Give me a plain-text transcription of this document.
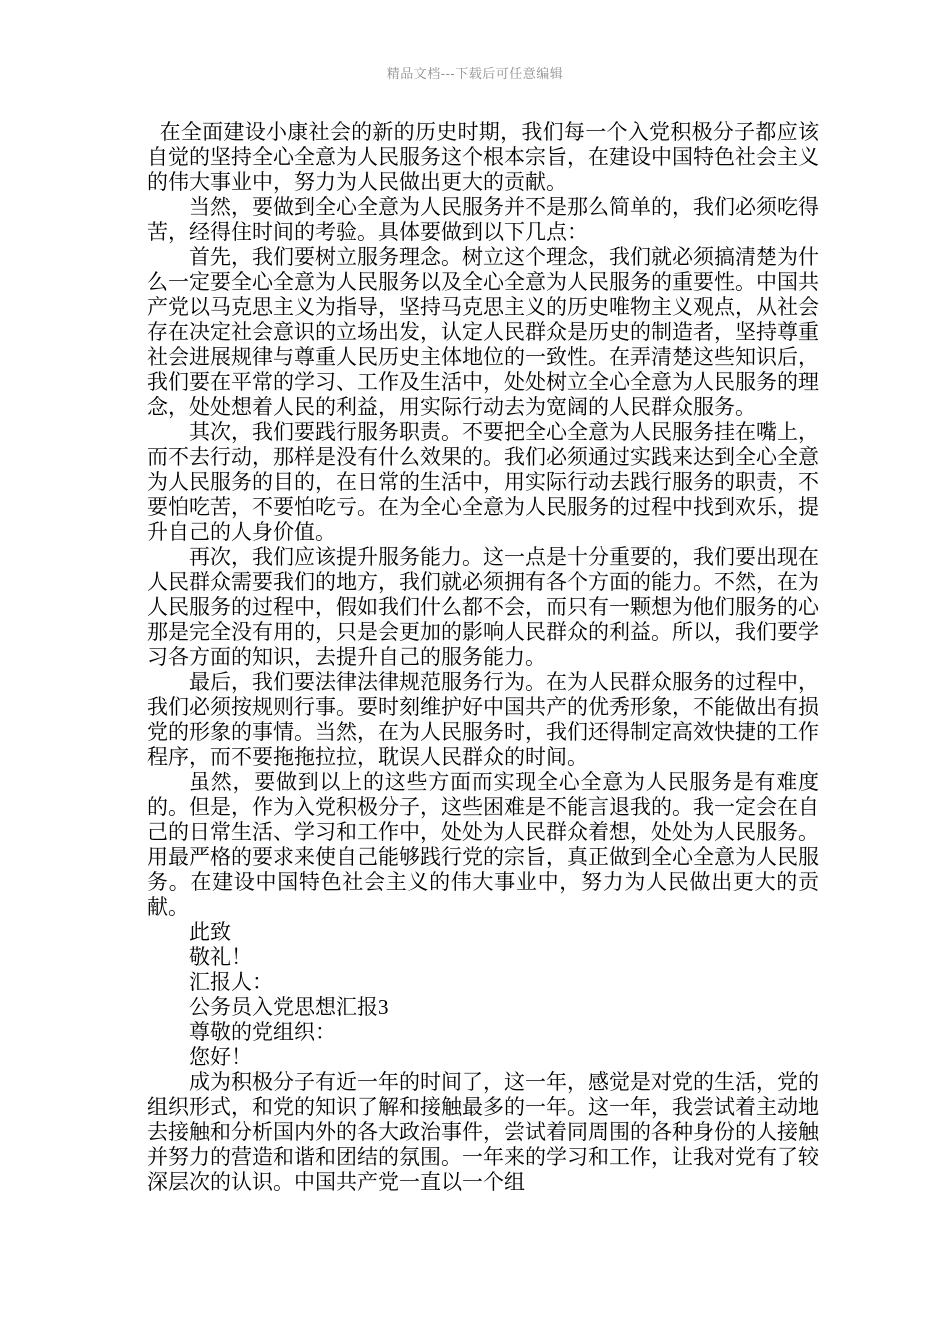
精品文档---下载后可任意编辑

在全面建设小康社会的新的历史时期，我们每一个入党积极分子都应该自觉的坚持全心全意为人民服务这个根本宗旨，在建设中国特色社会主义的伟大事业中，努力为人民做出更大的贡献。

当然，要做到全心全意为人民服务并不是那么简单的，我们必须吃得苦，经得住时间的考验。具体要做到以下几点：

首先，我们要树立服务理念。树立这个理念，我们就必须搞清楚为什么一定要全心全意为人民服务以及全心全意为人民服务的重要性。中国共产党以马克思主义为指导，坚持马克思主义的历史唯物主义观点，从社会存在决定社会意识的立场出发，认定人民群众是历史的制造者，坚持尊重社会进展规律与尊重人民历史主体地位的一致性。在弄清楚这些知识后，我们要在平常的学习、工作及生活中，处处树立全心全意为人民服务的理念，处处想着人民的利益，用实际行动去为宽阔的人民群众服务。

其次，我们要践行服务职责。不要把全心全意为人民服务挂在嘴上，而不去行动，那样是没有什么效果的。我们必须通过实践来达到全心全意为人民服务的目的，在日常的生活中，用实际行动去践行服务的职责，不要怕吃苦，不要怕吃亏。在为全心全意为人民服务的过程中找到欢乐，提升自己的人身价值。

再次，我们应该提升服务能力。这一点是十分重要的，我们要出现在人民群众需要我们的地方，我们就必须拥有各个方面的能力。不然，在为人民服务的过程中，假如我们什么都不会，而只有一颗想为他们服务的心那是完全没有用的，只是会更加的影响人民群众的利益。所以，我们要学习各方面的知识，去提升自己的服务能力。

最后，我们要法律法律规范服务行为。在为人民群众服务的过程中，我们必须按规则行事。要时刻维护好中国共产的优秀形象，不能做出有损党的形象的事情。当然，在为人民服务时，我们还得制定高效快捷的工作程序，而不要拖拖拉拉，耽误人民群众的时间。

虽然，要做到以上的这些方面而实现全心全意为人民服务是有难度的。但是，作为入党积极分子，这些困难是不能言退我的。我一定会在自己的日常生活、学习和工作中，处处为人民群众着想，处处为人民服务。用最严格的要求来使自己能够践行党的宗旨，真正做到全心全意为人民服务。在建设中国特色社会主义的伟大事业中，努力为人民做出更大的贡献。

此致

敬礼！

汇报人：

公务员入党思想汇报3

尊敬的党组织：

您好！

成为积极分子有近一年的时间了，这一年，感觉是对党的生活，党的组织形式，和党的知识了解和接触最多的一年。这一年，我尝试着主动地去接触和分析国内外的各大政治事件，尝试着同周围的各种身份的人接触并努力的营造和谐和团结的氛围。一年来的学习和工作，让我对党有了较深层次的认识。中国共产党一直以一个组
